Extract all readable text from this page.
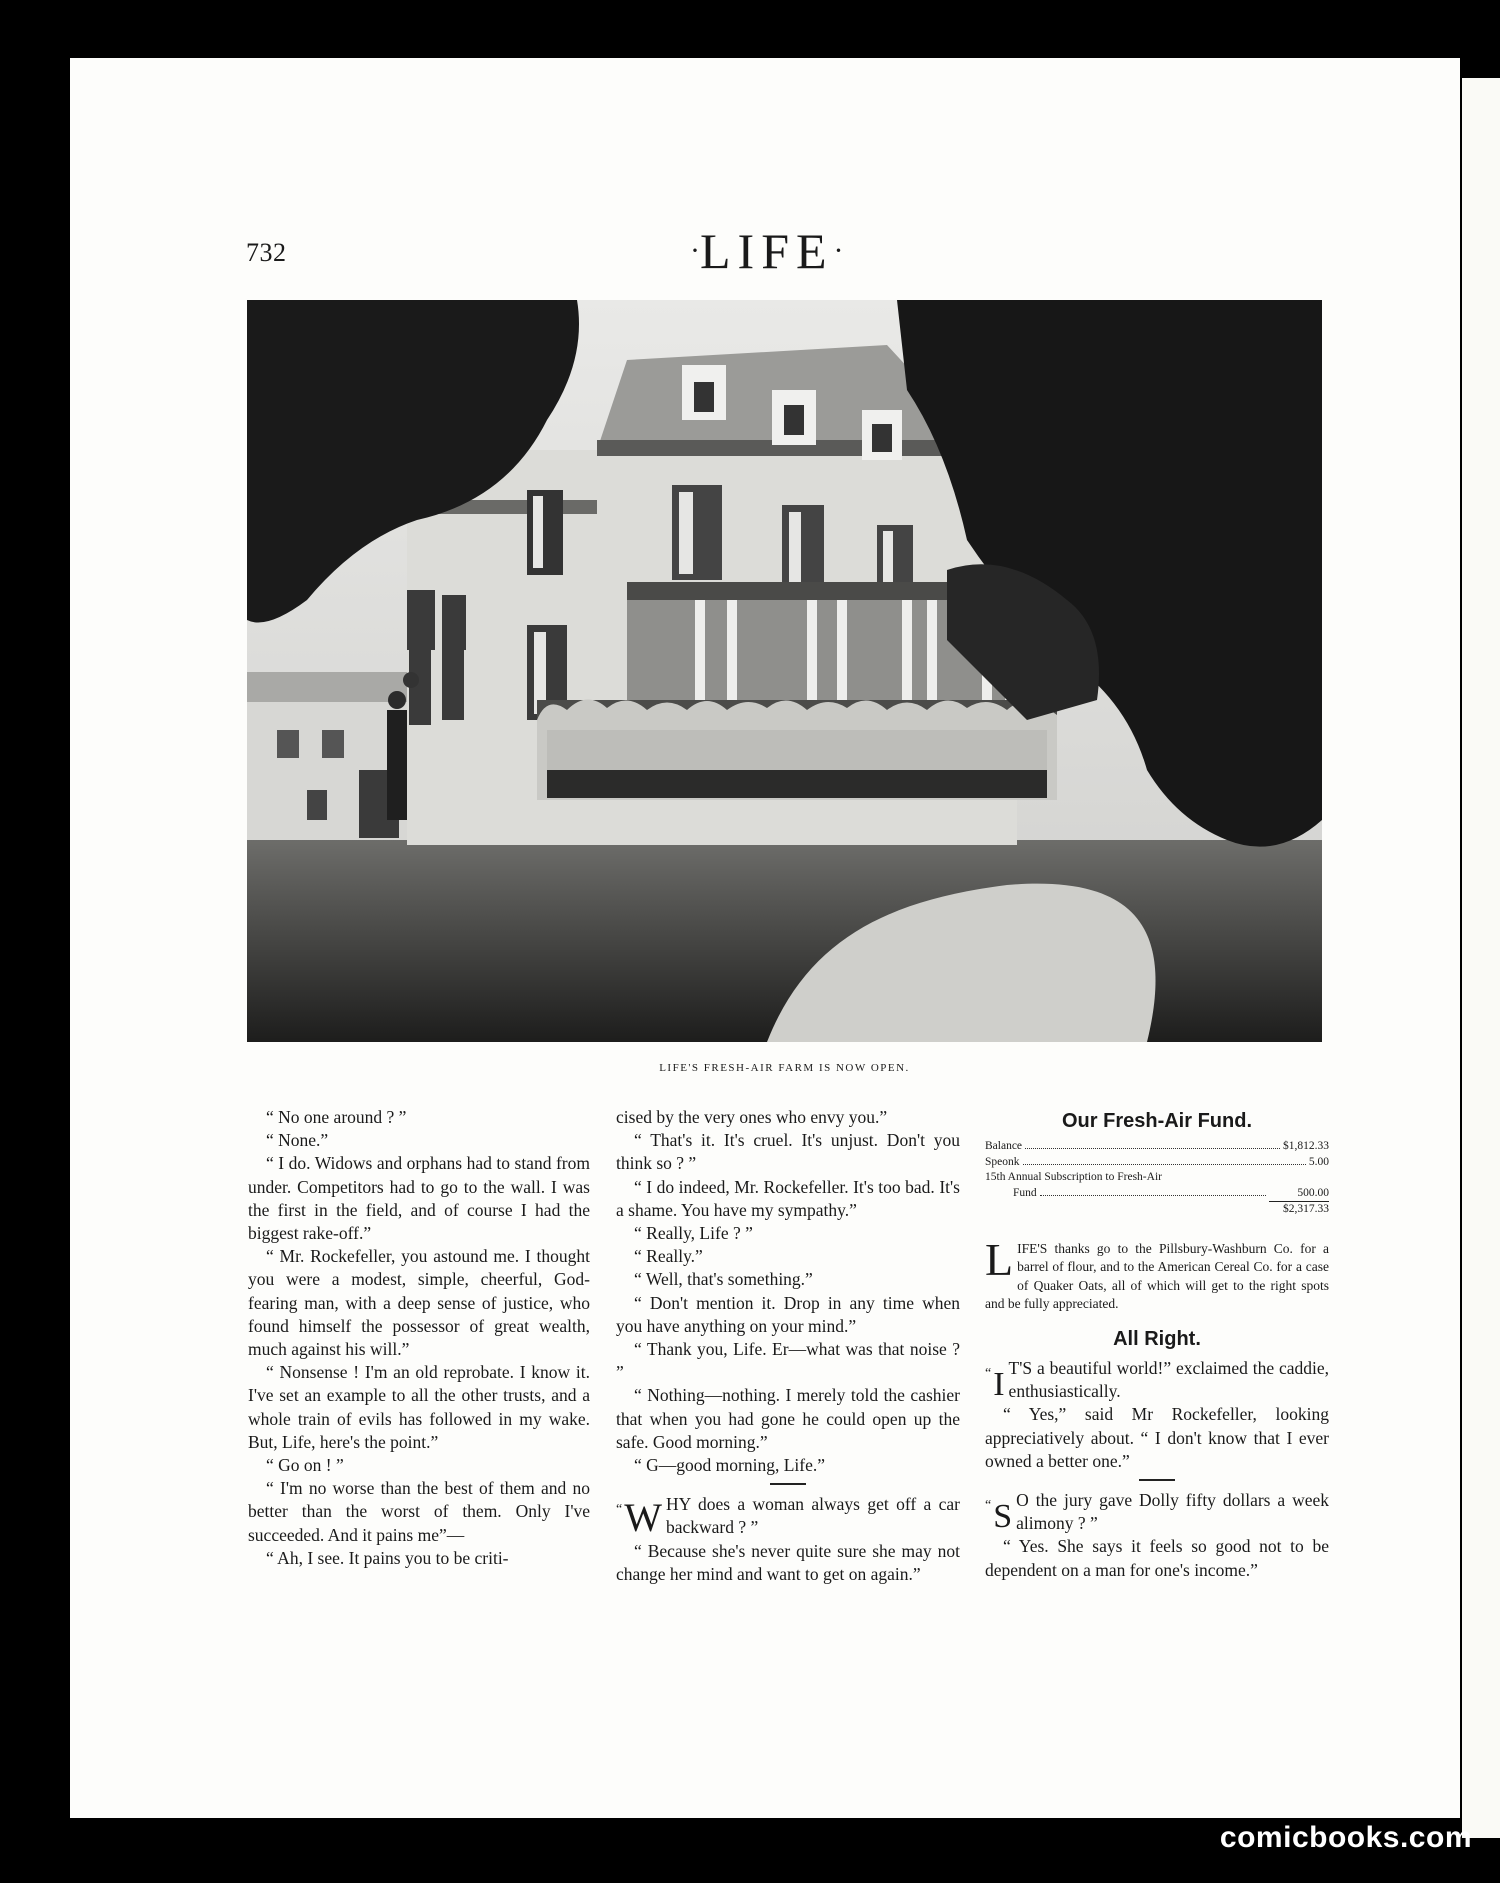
732	·LIFE·
LIFE'S FRESH-AIR FARM IS NOW OPEN.

“ No one around ? ”

“ None.”

“ I do. Widows and orphans had to stand from under. Competitors had to go to the wall. I was the first in the field, and of course I had the biggest rake-off.”

“ Mr. Rockefeller, you astound me. I thought you were a modest, simple, cheerful, God-fearing man, with a deep sense of justice, who found himself the possessor of great wealth, much against his will.”

“ Nonsense ! I'm an old reprobate. I know it. I've set an example to all the other trusts, and a whole train of evils has followed in my wake. But, Life, here's the point.”

“ Go on ! ”

“ I'm no worse than the best of them and no better than the worst of them. Only I've succeeded. And it pains me”—

“ Ah, I see. It pains you to be criti-

cised by the very ones who envy you.”

“ That's it. It's cruel. It's unjust. Don't you think so ? ”

“ I do indeed, Mr. Rockefeller. It's too bad. It's a shame. You have my sympathy.”

“ Really, Life ? ”

“ Really.”

“ Well, that's something.”

“ Don't mention it. Drop in any time when you have anything on your mind.”

“ Thank you, Life. Er—what was that noise ? ”

“ Nothing—nothing. I merely told the cashier that when you had gone he could open up the safe. Good morning.”

“ G—good morning, Life.”

“W HY does a woman always get off a car backward ? ”

“ Because she's never quite sure she may not change her mind and want to get on again.”

Our Fresh-Air Fund.
Balance	$1,812.33
Speonk	5.00
15th Annual Subscription to Fresh-Air
Fund	500.00
$2,317.33
LIFE'S thanks go to the Pillsbury-Washburn Co. for a barrel of flour, and to the American Cereal Co. for a case of Quaker Oats, all of which will get to the right spots and be fully appreciated.
All Right.

“I T'S a beautiful world!” exclaimed the caddie, enthusiastically.

“ Yes,” said Mr Rockefeller, looking appreciatively about. “ I don't know that I ever owned a better one.”

“S O the jury gave Dolly fifty dollars a week alimony ? ”

“ Yes. She says it feels so good not to be dependent on a man for one's income.”

comicbooks.com
